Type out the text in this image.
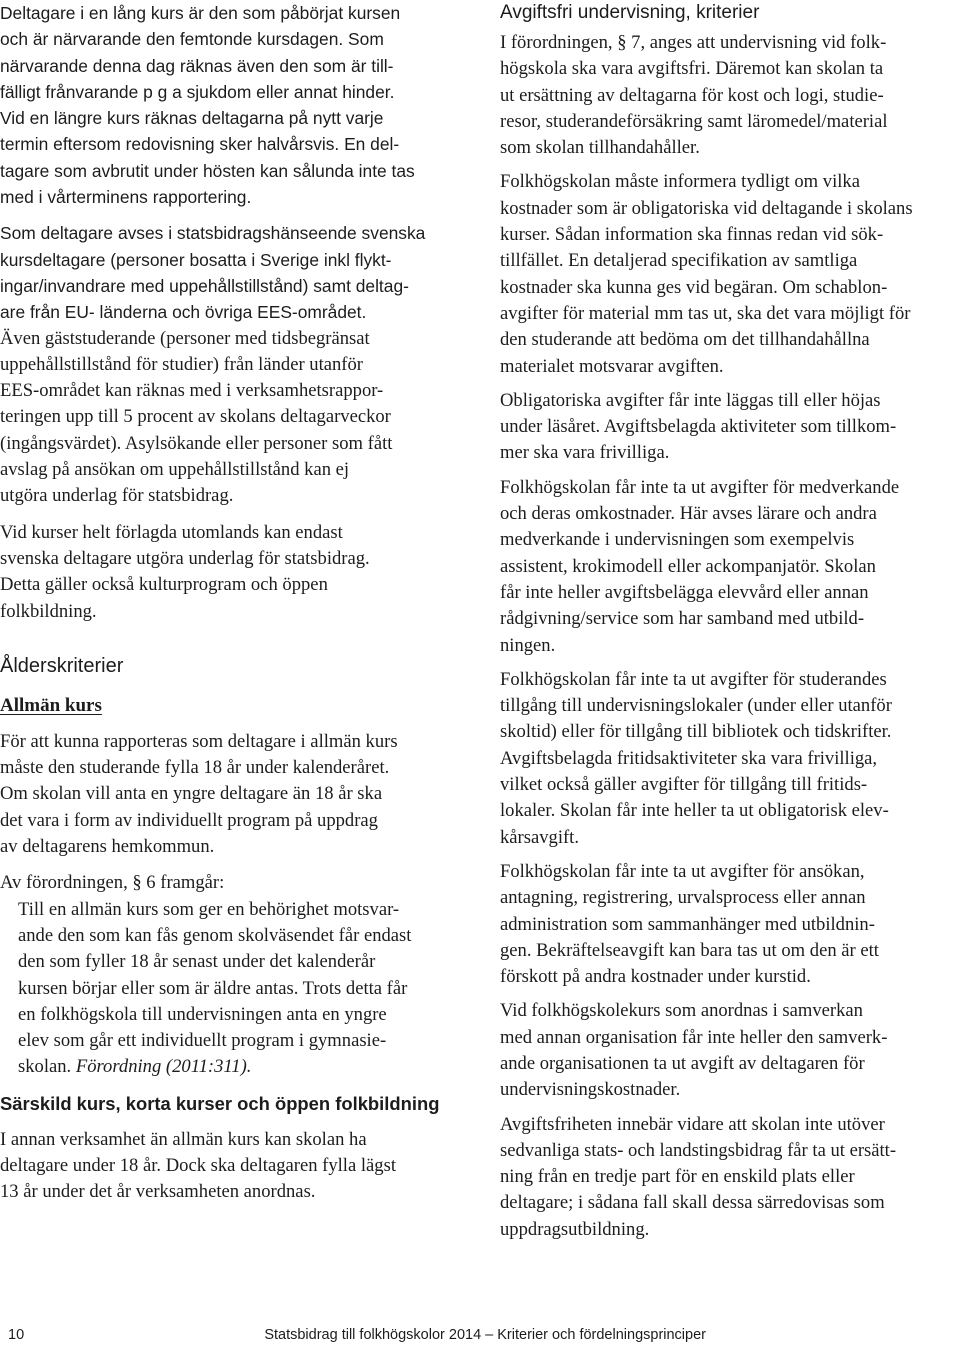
Deltagare i en lång kurs är den som påbörjat kursen
och är närvarande den femtonde kursdagen. Som
närvarande denna dag räknas även den som är till-
fälligt frånvarande p g a sjukdom eller annat hinder.
Vid en längre kurs räknas deltagarna på nytt varje
termin eftersom redovisning sker halvårsvis. En del-
tagare som avbrutit under hösten kan sålunda inte tas
med i vårterminens rapportering.
Som deltagare avses i statsbidragshänseende svenska
kursdeltagare (personer bosatta i Sverige inkl flykt-
ingar/invandrare med uppehållstillstånd) samt deltag-
are från EU- länderna och övriga EES-området.
Även gäststuderande (personer med tidsbegränsat
uppehållstillstånd för studier) från länder utanför
EES-området kan räknas med i verksamhetsrappor-
teringen upp till 5 procent av skolans deltagarveckor
(ingångsvärdet). Asylsökande eller personer som fått
avslag på ansökan om uppehållstillstånd kan ej
utgöra underlag för statsbidrag.
Vid kurser helt förlagda utomlands kan endast
svenska deltagare utgöra underlag för statsbidrag.
Detta gäller också kulturprogram och öppen
folkbildning.
Ålderskriterier
Allmän kurs
För att kunna rapporteras som deltagare i allmän kurs
måste den studerande fylla 18 år under kalenderåret.
Om skolan vill anta en yngre deltagare än 18 år ska
det vara i form av individuellt program på uppdrag
av deltagarens hemkommun.
Av förordningen, § 6 framgår:
Till en allmän kurs som ger en behörighet motsvar-
ande den som kan fås genom skolväsendet får endast
den som fyller 18 år senast under det kalenderår
kursen börjar eller som är äldre antas. Trots detta får
en folkhögskola till undervisningen anta en yngre
elev som går ett individuellt program i gymnasie-
skolan. Förordning (2011:311).
Särskild kurs, korta kurser och öppen folkbildning
I annan verksamhet än allmän kurs kan skolan ha
deltagare under 18 år. Dock ska deltagaren fylla lägst
13 år under det år verksamheten anordnas.
Avgiftsfri undervisning, kriterier
I förordningen, § 7, anges att undervisning vid folk-
högskola ska vara avgiftsfri. Däremot kan skolan ta
ut ersättning av deltagarna för kost och logi, studie-
resor, studerandeförsäkring samt läromedel/material
som skolan tillhandahåller.
Folkhögskolan måste informera tydligt om vilka
kostnader som är obligatoriska vid deltagande i skolans
kurser. Sådan information ska finnas redan vid sök-
tillfället. En detaljerad specifikation av samtliga
kostnader ska kunna ges vid begäran. Om schablon-
avgifter för material mm tas ut, ska det vara möjligt för
den studerande att bedöma om det tillhandahållna
materialet motsvarar avgiften.
Obligatoriska avgifter får inte läggas till eller höjas
under läsåret. Avgiftsbelagda aktiviteter som tillkom-
mer ska vara frivilliga.
Folkhögskolan får inte ta ut avgifter för medverkande
och deras omkostnader. Här avses lärare och andra
medverkande i undervisningen som exempelvis
assistent, krokimodell eller ackompanjatör. Skolan
får inte heller avgiftsbelägga elevvård eller annan
rådgivning/service som har samband med utbild-
ningen.
Folkhögskolan får inte ta ut avgifter för studerandes
tillgång till undervisningslokaler (under eller utanför
skoltid) eller för tillgång till bibliotek och tidskrifter.
Avgiftsbelagda fritidsaktiviteter ska vara frivilliga,
vilket också gäller avgifter för tillgång till fritids-
lokaler. Skolan får inte heller ta ut obligatorisk elev-
kårsavgift.
Folkhögskolan får inte ta ut avgifter för ansökan,
antagning, registrering, urvalsprocess eller annan
administration som sammanhänger med utbildnin-
gen. Bekräftelseavgift kan bara tas ut om den är ett
förskott på andra kostnader under kurstid.
Vid folkhögskolekurs som anordnas i samverkan
med annan organisation får inte heller den samverk-
ande organisationen ta ut avgift av deltagaren för
undervisningskostnader.
Avgiftsfriheten innebär vidare att skolan inte utöver
sedvanliga stats- och landstingsbidrag får ta ut ersätt-
ning från en tredje part för en enskild plats eller
deltagare; i sådana fall skall dessa särredovisas som
uppdragsutbildning.
10	Statsbidrag till folkhögskolor 2014 – Kriterier och fördelningsprinciper
